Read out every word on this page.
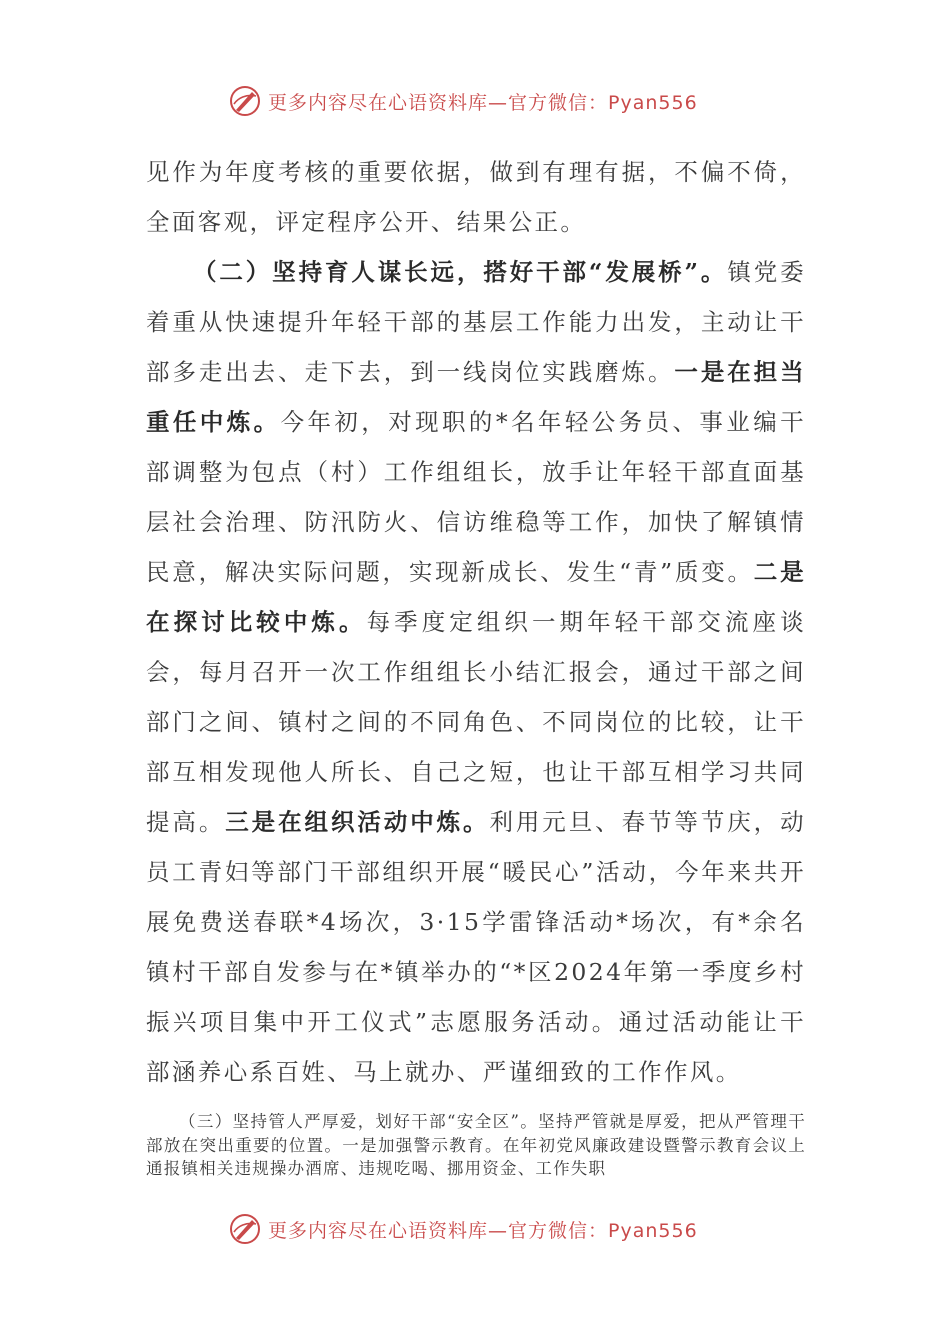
更多内容尽在心语资料库—官方微信：Pyan556

见作为年度考核的重要依据，做到有理有据，不偏不倚，全面客观，评定程序公开、结果公正。

（二）坚持育人谋长远，搭好干部“发展桥”。镇党委着重从快速提升年轻干部的基层工作能力出发，主动让干部多走出去、走下去，到一线岗位实践磨炼。一是在担当重任中炼。今年初，对现职的*名年轻公务员、事业编干部调整为包点（村）工作组组长，放手让年轻干部直面基层社会治理、防汛防火、信访维稳等工作，加快了解镇情民意，解决实际问题，实现新成长、发生“青”质变。二是在探讨比较中炼。每季度定组织一期年轻干部交流座谈会，每月召开一次工作组组长小结汇报会，通过干部之间部门之间、镇村之间的不同角色、不同岗位的比较，让干部互相发现他人所长、自己之短，也让干部互相学习共同提高。三是在组织活动中炼。利用元旦、春节等节庆，动员工青妇等部门干部组织开展“暖民心”活动，今年来共开展免费送春联*4场次，3·15学雷锋活动*场次，有*余名镇村干部自发参与在*镇举办的“*区2024年第一季度乡村振兴项目集中开工仪式”志愿服务活动。通过活动能让干部涵养心系百姓、马上就办、严谨细致的工作作风。

（三）坚持管人严厚爱，划好干部“安全区”。坚持严管就是厚爱，把从严管理干部放在突出重要的位置。一是加强警示教育。在年初党风廉政建设暨警示教育会议上通报镇相关违规操办酒席、违规吃喝、挪用资金、工作失职

更多内容尽在心语资料库—官方微信：Pyan556
